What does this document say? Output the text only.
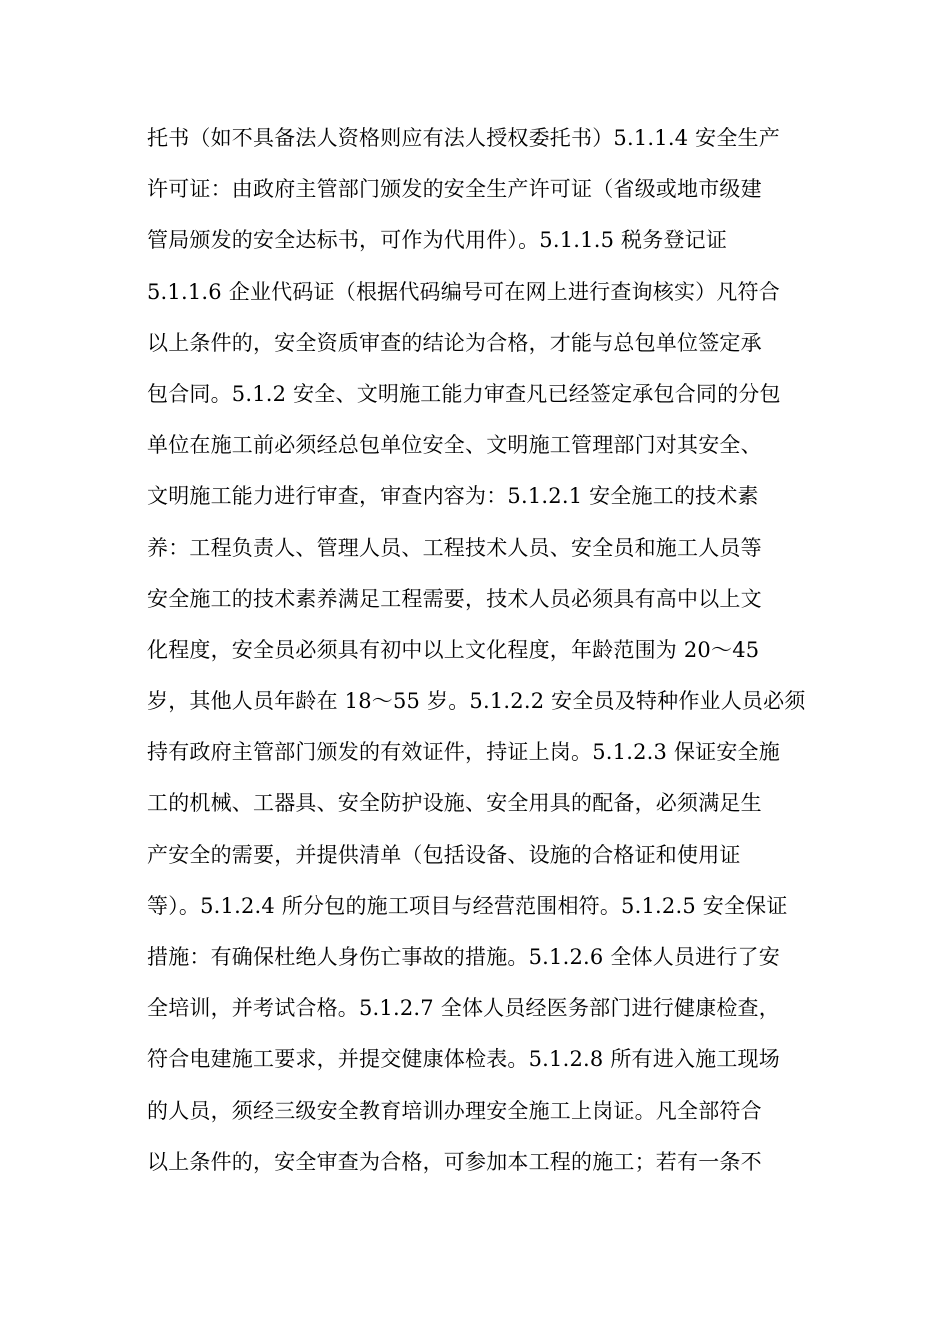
托书（如不具备法人资格则应有法人授权委托书）5.1.1.4 安全生产
许可证：由政府主管部门颁发的安全生产许可证（省级或地市级建
管局颁发的安全达标书，可作为代用件）。5.1.1.5 税务登记证
5.1.1.6 企业代码证（根据代码编号可在网上进行查询核实）凡符合
以上条件的，安全资质审查的结论为合格，才能与总包单位签定承
包合同。5.1.2 安全、文明施工能力审查凡已经签定承包合同的分包
单位在施工前必须经总包单位安全、文明施工管理部门对其安全、
文明施工能力进行审查，审查内容为：5.1.2.1 安全施工的技术素
养：工程负责人、管理人员、工程技术人员、安全员和施工人员等
安全施工的技术素养满足工程需要，技术人员必须具有高中以上文
化程度，安全员必须具有初中以上文化程度，年龄范围为 20～45
岁，其他人员年龄在 18～55 岁。5.1.2.2 安全员及特种作业人员必须
持有政府主管部门颁发的有效证件，持证上岗。5.1.2.3 保证安全施
工的机械、工器具、安全防护设施、安全用具的配备，必须满足生
产安全的需要，并提供清单（包括设备、设施的合格证和使用证
等）。5.1.2.4 所分包的施工项目与经营范围相符。5.1.2.5 安全保证
措施：有确保杜绝人身伤亡事故的措施。5.1.2.6 全体人员进行了安
全培训，并考试合格。5.1.2.7 全体人员经医务部门进行健康检查，
符合电建施工要求，并提交健康体检表。5.1.2.8 所有进入施工现场
的人员，须经三级安全教育培训办理安全施工上岗证。凡全部符合
以上条件的，安全审查为合格，可参加本工程的施工；若有一条不
